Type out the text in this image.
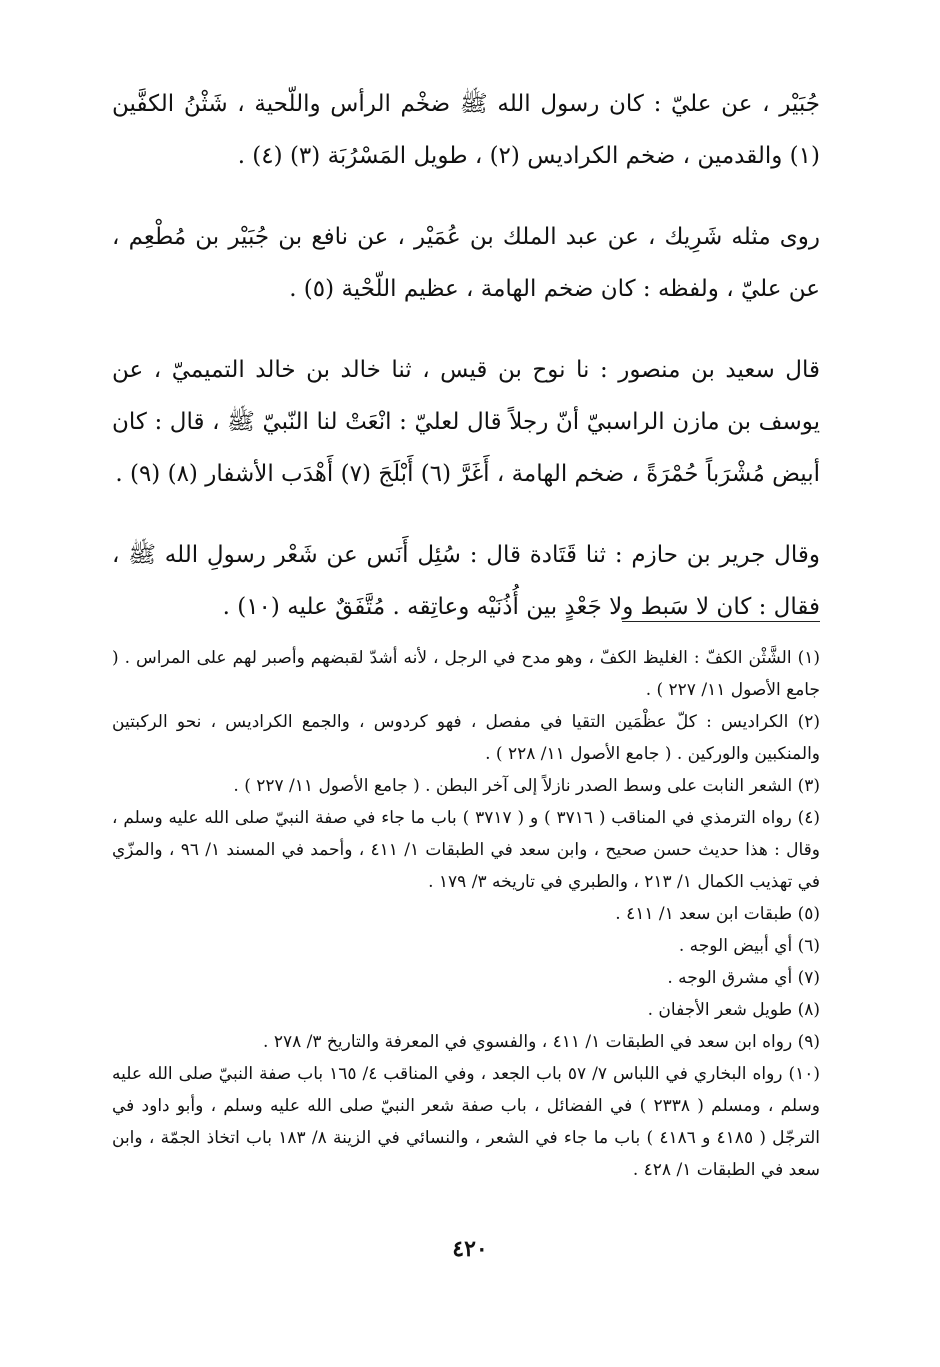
جُبَيْر ، عن عليّ : كان رسول الله ﷺ ضخْم الرأس واللّحية ، شَثْنُ الكفَّين (١) والقدمين ، ضخم الكراديس (٢) ، طويل المَسْرُبَة (٣) (٤) .

روى مثله شَرِيك ، عن عبد الملك بن عُمَيْر ، عن نافع بن جُبَيْر بن مُطْعِم ، عن عليّ ، ولفظه : كان ضخم الهامة ، عظيم اللّحْية (٥) .

قال سعيد بن منصور : نا نوح بن قيس ، ثنا خالد بن خالد التميميّ ، عن يوسف بن مازن الراسبيّ أنّ رجلاً قال لعليّ : انْعَتْ لنا النّبيّ ﷺ ، قال : كان أبيض مُشْرَباً حُمْرَةً ، ضخم الهامة ، أَغَرَّ (٦) أَبْلَجَ (٧) أَهْدَب الأشفار (٨) (٩) .

وقال جرير بن حازم : ثنا قَتَادة قال : سُئِل أَنَس عن شَعْر رسولِ الله ﷺ ، فقال : كان لا سَبط ولا جَعْدٍ بين أُذُنَيْه وعاتِقه . مُتَّفَقٌ عليه (١٠) .

(١) الشَّثْن الكفّ : الغليظ الكفّ ، وهو مدح في الرجل ، لأنه أشدّ لقبضهم وأصبر لهم على المراس . ( جامع الأصول ١١/ ٢٢٧ ) .

(٢) الكراديس : كلّ عظْمَين التقيا في مفصل ، فهو كردوس ، والجمع الكراديس ، نحو الركبتين والمنكبين والوركين . ( جامع الأصول ١١/ ٢٢٨ ) .

(٣) الشعر النابت على وسط الصدر نازلاً إلى آخر البطن . ( جامع الأصول ١١/ ٢٢٧ ) .

(٤) رواه الترمذي في المناقب ( ٣٧١٦ ) و ( ٣٧١٧ ) باب ما جاء في صفة النبيّ صلى الله عليه وسلم ، وقال : هذا حديث حسن صحيح ، وابن سعد في الطبقات ١/ ٤١١ ، وأحمد في المسند ١/ ٩٦ ، والمزّي في تهذيب الكمال ١/ ٢١٣ ، والطبري في تاريخه ٣/ ١٧٩ .

(٥) طبقات ابن سعد ١/ ٤١١ .

(٦) أي أبيض الوجه .

(٧) أي مشرق الوجه .

(٨) طويل شعر الأجفان .

(٩) رواه ابن سعد في الطبقات ١/ ٤١١ ، والفسوي في المعرفة والتاريخ ٣/ ٢٧٨ .

(١٠) رواه البخاري في اللباس ٧/ ٥٧ باب الجعد ، وفي المناقب ٤/ ١٦٥ باب صفة النبيّ صلى الله عليه وسلم ، ومسلم ( ٢٣٣٨ ) في الفضائل ، باب صفة شعر النبيّ صلى الله عليه وسلم ، وأبو داود في الترجّل ( ٤١٨٥ و ٤١٨٦ ) باب ما جاء في الشعر ، والنسائي في الزينة ٨/ ١٨٣ باب اتخاذ الجمّة ، وابن سعد في الطبقات ١/ ٤٢٨ .

٤٢٠
